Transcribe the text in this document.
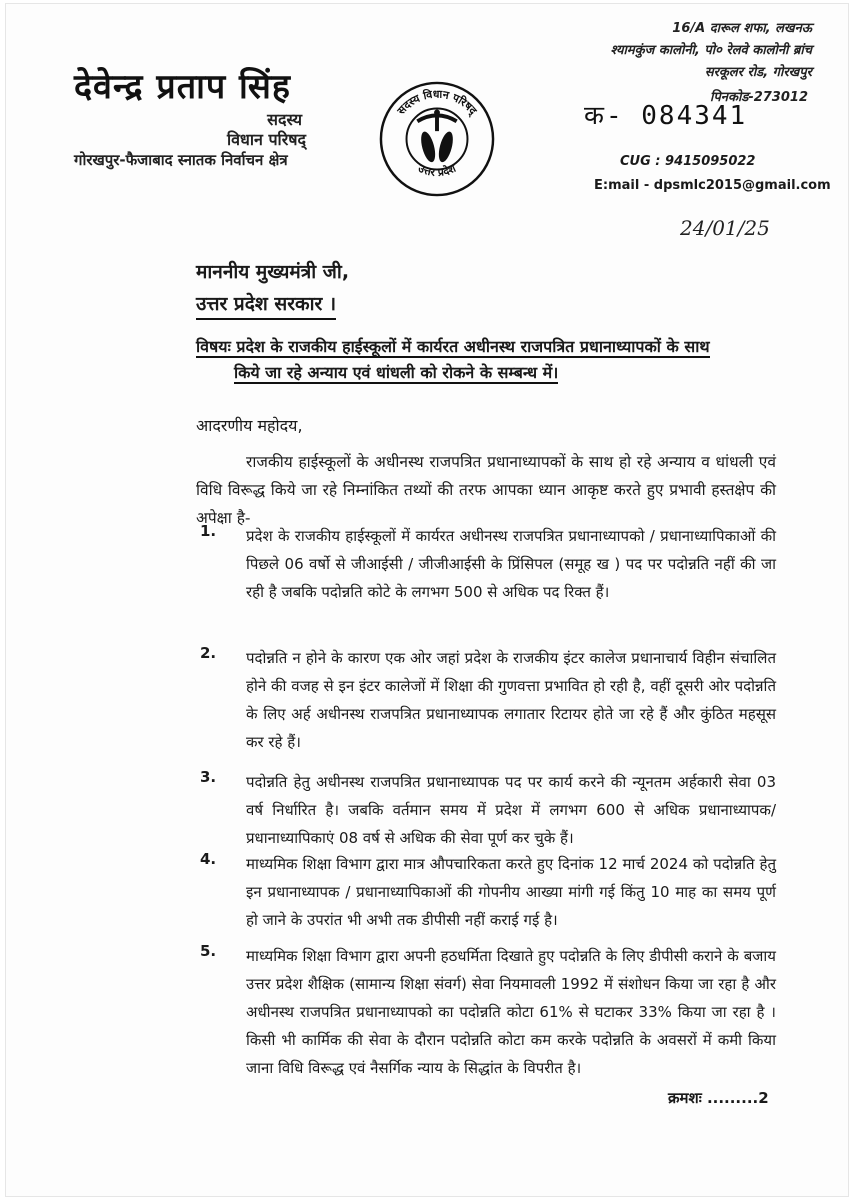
देवेन्द्र प्रताप सिंह
सदस्य
विधान परिषद्
गोरखपुर-फैजाबाद स्नातक निर्वाचन क्षेत्र
सदस्य विधान परिषद्
उत्तर प्रदेश
16/A दारूल शफा, लखनऊ
श्यामकुंज कालोनी, पो० रेलवे कालोनी ब्रांच
सरकूलर रोड, गोरखपुर
पिनकोड-273012
क- 084341
CUG : 9415095022
E:mail - dpsmlc2015@gmail.com
24/01/25
माननीय मुख्यमंत्री जी,
उत्तर प्रदेश सरकार ।
विषयः प्रदेश के राजकीय हाईस्कूलों में कार्यरत अधीनस्थ राजपत्रित प्रधानाध्यापकों के साथ
किये जा रहे अन्याय एवं धांधली को रोकने के सम्बन्ध में।
आदरणीय महोदय,
राजकीय हाईस्कूलों के अधीनस्थ राजपत्रित प्रधानाध्यापकों के साथ हो रहे अन्याय व धांधली एवं विधि विरूद्ध किये जा रहे निम्नांकित तथ्यों की तरफ आपका ध्यान आकृष्ट करते हुए प्रभावी हस्तक्षेप की अपेक्षा है-
1. प्रदेश के राजकीय हाईस्कूलों में कार्यरत अधीनस्थ राजपत्रित प्रधानाध्यापको / प्रधानाध्यापिकाओं की पिछले 06 वर्षो से जीआईसी / जीजीआईसी के प्रिंसिपल (समूह ख ) पद पर पदोन्नति नहीं की जा रही है जबकि पदोन्नति कोटे के लगभग 500 से अधिक पद रिक्त हैं।
2. पदोन्नति न होने के कारण एक ओर जहां प्रदेश के राजकीय इंटर कालेज प्रधानाचार्य विहीन संचालित होने की वजह से इन इंटर कालेजों में शिक्षा की गुणवत्ता प्रभावित हो रही है, वहीं दूसरी ओर पदोन्नति के लिए अर्ह अधीनस्थ राजपत्रित प्रधानाध्यापक लगातार रिटायर होते जा रहे हैं और कुंठित महसूस कर रहे हैं।
3. पदोन्नति हेतु अधीनस्थ राजपत्रित प्रधानाध्यापक पद पर कार्य करने की न्यूनतम अर्हकारी सेवा 03 वर्ष निर्धारित है। जबकि वर्तमान समय में प्रदेश में लगभग 600 से अधिक प्रधानाध्यापक/ प्रधानाध्यापिकाएं 08 वर्ष से अधिक की सेवा पूर्ण कर चुके हैं।
4. माध्यमिक शिक्षा विभाग द्वारा मात्र औपचारिकता करते हुए दिनांक 12 मार्च 2024 को पदोन्नति हेतु इन प्रधानाध्यापक / प्रधानाध्यापिकाओं की गोपनीय आख्या मांगी गई किंतु 10 माह का समय पूर्ण हो जाने के उपरांत भी अभी तक डीपीसी नहीं कराई गई है।
5. माध्यमिक शिक्षा विभाग द्वारा अपनी हठधर्मिता दिखाते हुए पदोन्नति के लिए डीपीसी कराने के बजाय उत्तर प्रदेश शैक्षिक (सामान्य शिक्षा संवर्ग) सेवा नियमावली 1992 में संशोधन किया जा रहा है और अधीनस्थ राजपत्रित प्रधानाध्यापको का पदोन्नति कोटा 61% से घटाकर 33% किया जा रहा है । किसी भी कार्मिक की सेवा के दौरान पदोन्नति कोटा कम करके पदोन्नति के अवसरों में कमी किया जाना विधि विरूद्ध एवं नैसर्गिक न्याय के सिद्धांत के विपरीत है।
क्रमशः .........2
